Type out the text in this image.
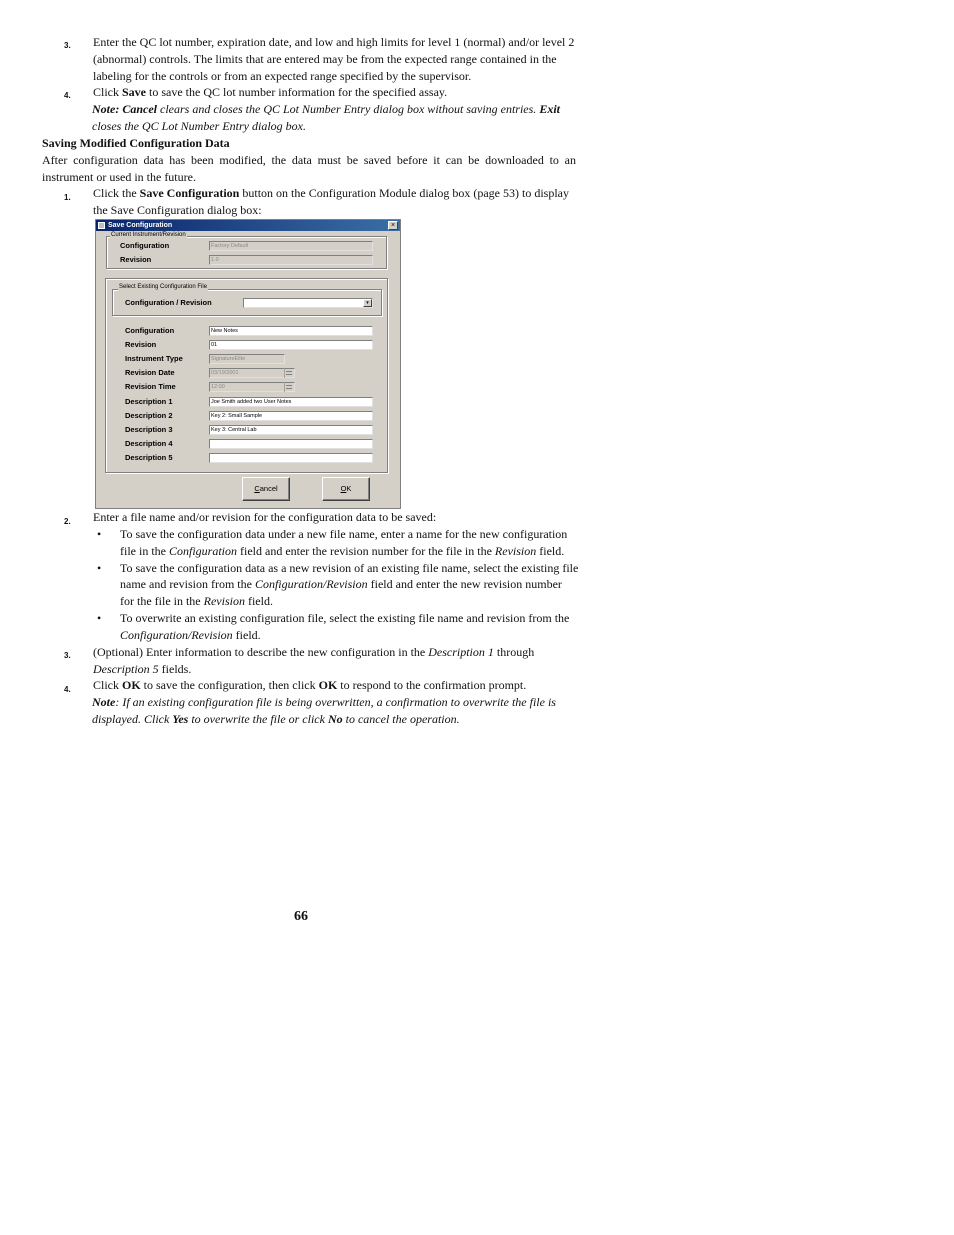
3. Enter the QC lot number, expiration date, and low and high limits for level 1 (normal) and/or level 2
(abnormal) controls. The limits that are entered may be from the expected range contained in the
labeling for the controls or from an expected range specified by the supervisor.
4. Click Save to save the QC lot number information for the specified assay.
Note: Cancel clears and closes the QC Lot Number Entry dialog box without saving entries. Exit
closes the QC Lot Number Entry dialog box.
Saving Modified Configuration Data
After configuration data has been modified, the data must be saved before it can be downloaded to an
instrument or used in the future.
1. Click the Save Configuration button on the Configuration Module dialog box (page 53) to display
the Save Configuration dialog box:
Save Configuration	×
Current Instrument/Revision
Configuration	Factory Default
Revision	1.0
Select Existing Configuration File
Configuration / Revision	▾
Configuration	New Notes
Revision	01
Instrument Type	SignatureElite
Revision Date	03/19/2001
Revision Time	12:00
Description 1	Joe Smith added two User Notes
Description 2	Key 2: Small Sample
Description 3	Key 3: Central Lab
Description 4
Description 5
Cancel	OK
2. Enter a file name and/or revision for the configuration data to be saved:
• To save the configuration data under a new file name, enter a name for the new configuration
file in the Configuration field and enter the revision number for the file in the Revision field.
• To save the configuration data as a new revision of an existing file name, select the existing file
name and revision from the Configuration/Revision field and enter the new revision number
for the file in the Revision field.
• To overwrite an existing configuration file, select the existing file name and revision from the
Configuration/Revision field.
3. (Optional) Enter information to describe the new configuration in the Description 1 through
Description 5 fields.
4. Click OK to save the configuration, then click OK to respond to the confirmation prompt.
Note: If an existing configuration file is being overwritten, a confirmation to overwrite the file is
displayed. Click Yes to overwrite the file or click No to cancel the operation.
66
